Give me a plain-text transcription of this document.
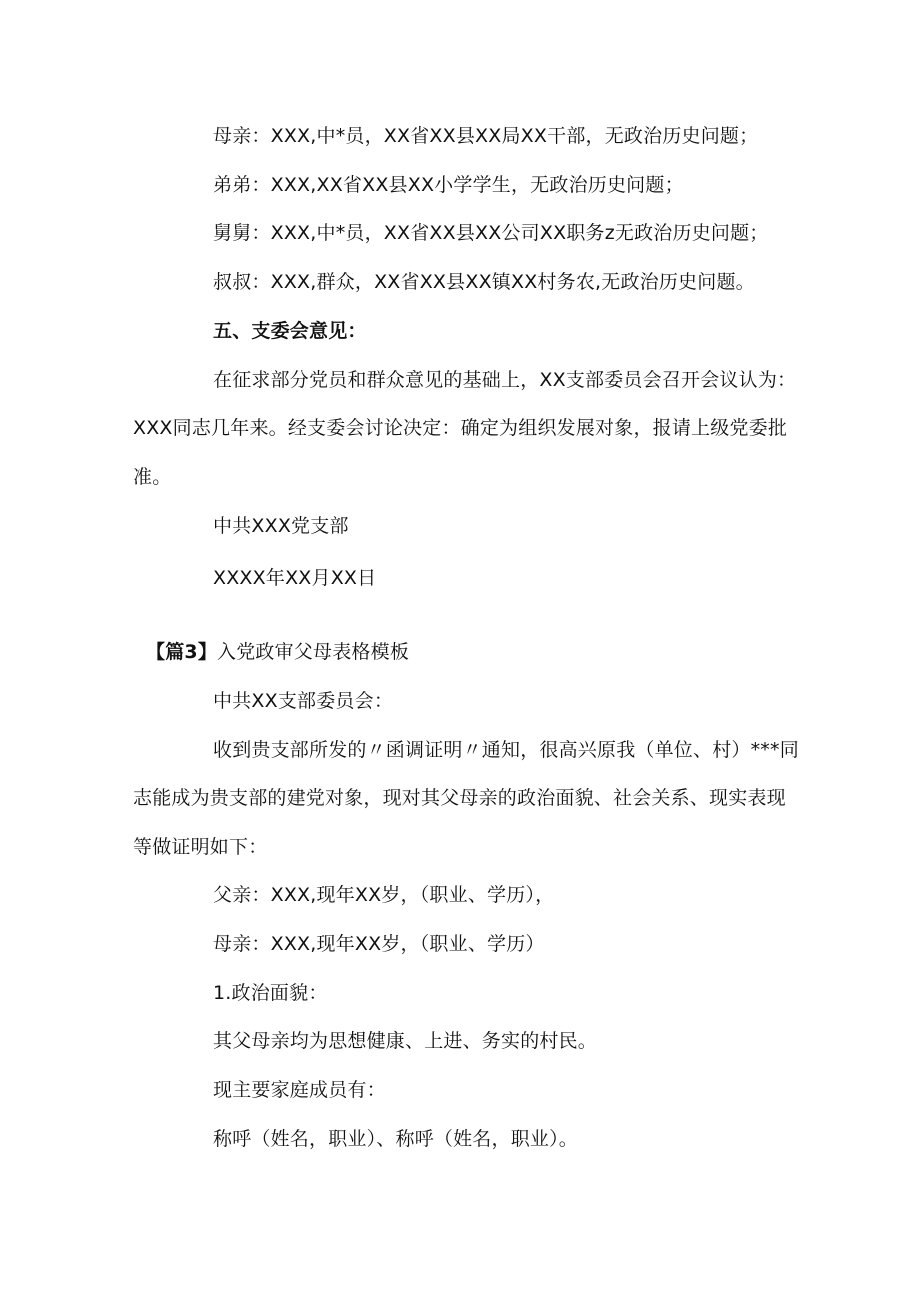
母亲：XXX,中*员，XX省XX县XX局XX干部，无政治历史问题；
弟弟：XXX,XX省XX县XX小学学生，无政治历史问题；
舅舅：XXX,中*员，XX省XX县XX公司XX职务z无政治历史问题；
叔叔：XXX,群众，XX省XX县XX镇XX村务农,无政治历史问题。
五、支委会意见：
在征求部分党员和群众意见的基础上，XX支部委员会召开会议认为：
XXX同志几年来。经支委会讨论决定：确定为组织发展对象，报请上级党委批
准。
中共XXX党支部
XXXX年XX月XX日
【篇3】入党政审父母表格模板
中共XX支部委员会：
收到贵支部所发的〃函调证明〃通知，很高兴原我（单位、村）***同
志能成为贵支部的建党对象，现对其父母亲的政治面貌、社会关系、现实表现
等做证明如下：
父亲：XXX,现年XX岁，（职业、学历），
母亲：XXX,现年XX岁，（职业、学历）
1.政治面貌：
其父母亲均为思想健康、上进、务实的村民。
现主要家庭成员有：
称呼（姓名，职业）、称呼（姓名，职业）。
